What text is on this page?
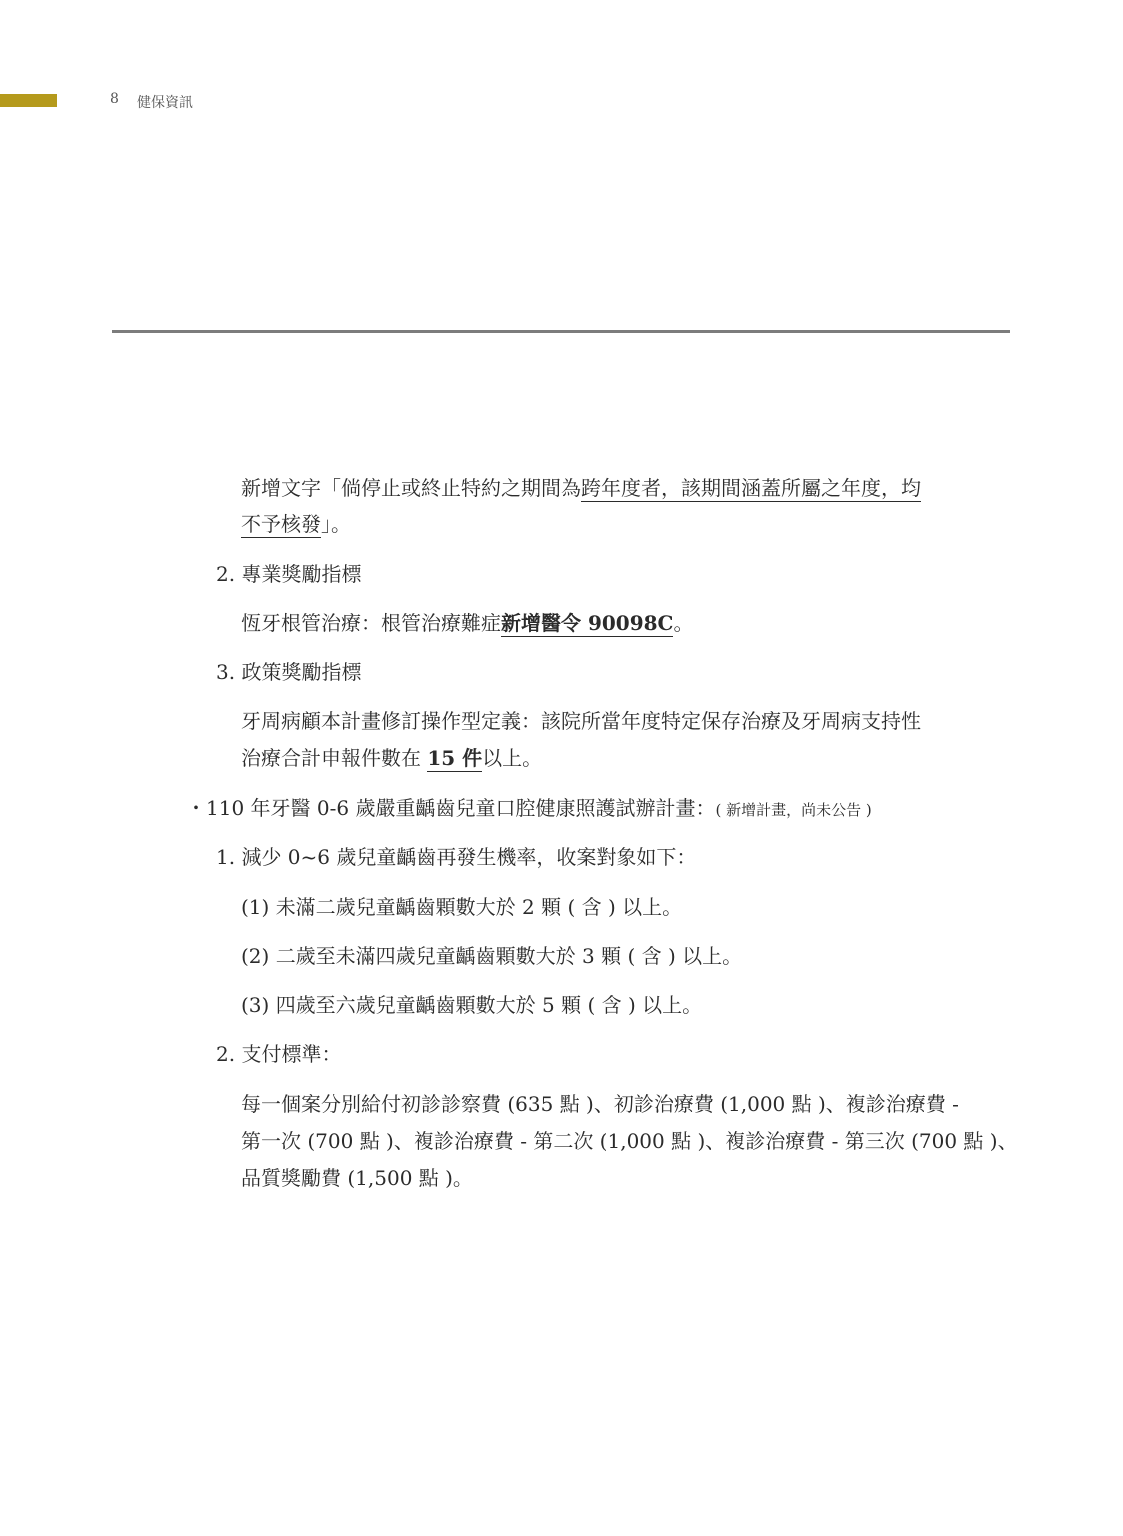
8 健保資訊
新增文字「倘停止或終止特約之期間為跨年度者，該期間涵蓋所屬之年度，均
不予核發」。
2. 專業獎勵指標
恆牙根管治療：根管治療難症新增醫令 90098C。
3. 政策獎勵指標
牙周病顧本計畫修訂操作型定義：該院所當年度特定保存治療及牙周病支持性
治療合計申報件數在 15 件以上。
・110 年牙醫 0-6 歲嚴重齲齒兒童口腔健康照護試辦計畫：( 新增計畫，尚未公告 )
1. 減少 0~6 歲兒童齲齒再發生機率，收案對象如下：
(1) 未滿二歲兒童齲齒顆數大於 2 顆 ( 含 ) 以上。
(2) 二歲至未滿四歲兒童齲齒顆數大於 3 顆 ( 含 ) 以上。
(3) 四歲至六歲兒童齲齒顆數大於 5 顆 ( 含 ) 以上。
2. 支付標準：
每一個案分別給付初診診察費 (635 點 )、初診治療費 (1,000 點 )、複診治療費 -
第一次 (700 點 )、複診治療費 - 第二次 (1,000 點 )、複診治療費 - 第三次 (700 點 )、
品質獎勵費 (1,500 點 )。
